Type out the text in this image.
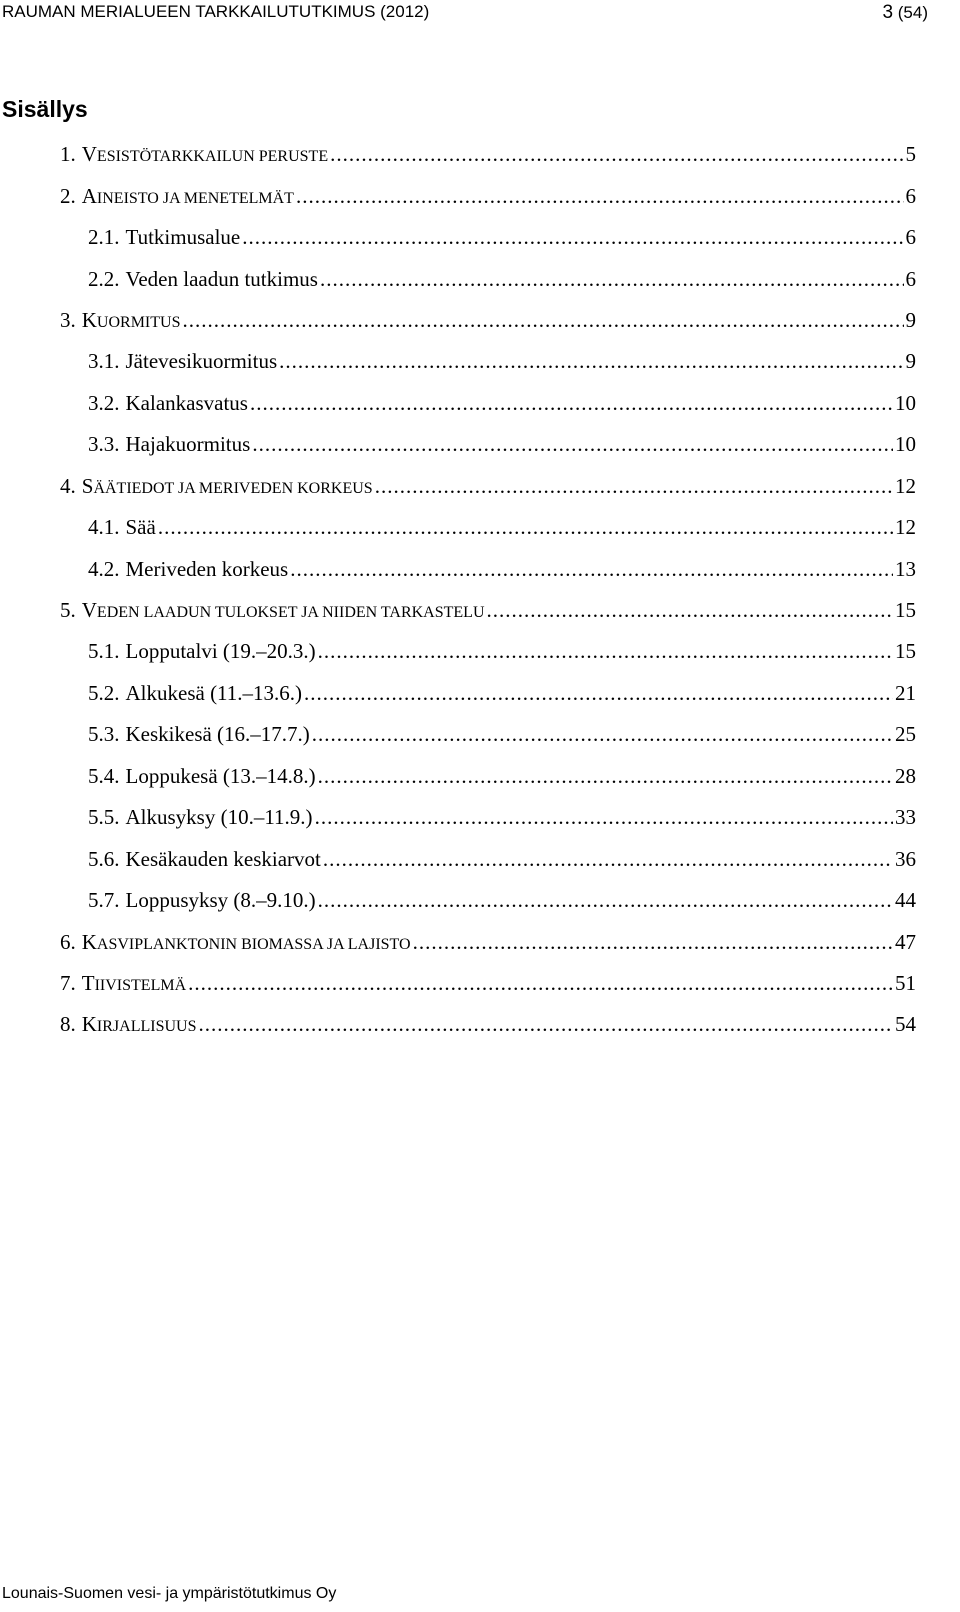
RAUMAN MERIALUEEN TARKKAILUTUTKIMUS (2012)	3 (54)
Sisällys
1. VESISTÖTARKKAILUN PERUSTE .....	5
2. AINEISTO JA MENETELMÄT .....	6
2.1. Tutkimusalue .....	6
2.2. Veden laadun tutkimus .....	6
3. KUORMITUS .....	9
3.1. Jätevesikuormitus .....	9
3.2. Kalankasvatus .....	10
3.3. Hajakuormitus .....	10
4. SÄÄTIEDOT JA MERIVEDEN KORKEUS .....	12
4.1. Sää .....	12
4.2. Meriveden korkeus .....	13
5. VEDEN LAADUN TULOKSET JA NIIDEN TARKASTELU .....	15
5.1. Lopputalvi (19.–20.3.) .....	15
5.2. Alkukesä (11.–13.6.) .....	21
5.3. Keskikesä (16.–17.7.) .....	25
5.4. Loppukesä (13.–14.8.) .....	28
5.5. Alkusyksy (10.–11.9.) .....	33
5.6. Kesäkauden keskiarvot .....	36
5.7. Loppusyksy (8.–9.10.) .....	44
6. KASVIPLANKTONIN BIOMASSA JA LAJISTO .....	47
7. TIIVISTELMÄ .....	51
8. KIRJALLISUUS .....	54
Lounais-Suomen vesi- ja ympäristötutkimus Oy
